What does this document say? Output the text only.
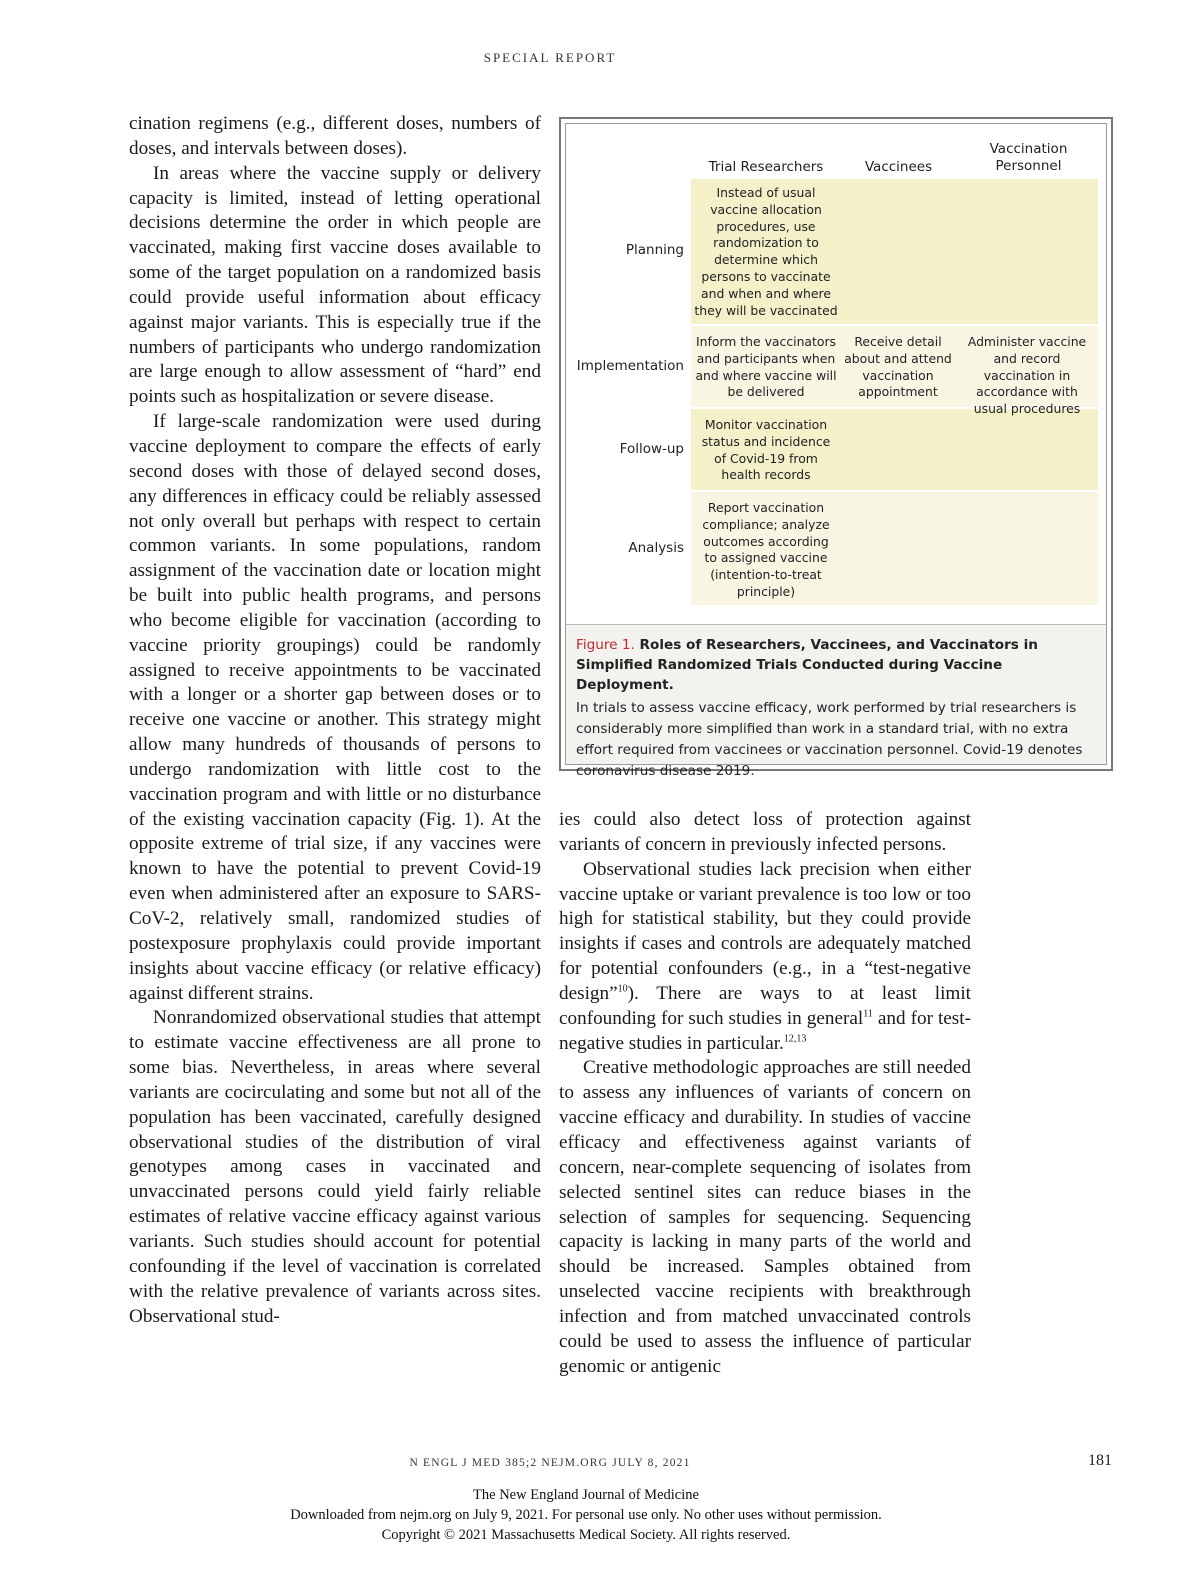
SPECIAL REPORT

cination regimens (e.g., different doses, numbers of doses, and intervals between doses).

In areas where the vaccine supply or delivery capacity is limited, instead of letting operational decisions determine the order in which people are vaccinated, making first vaccine doses available to some of the target population on a randomized basis could provide useful information about efficacy against major variants. This is especially true if the numbers of participants who undergo randomization are large enough to allow assessment of “hard” end points such as hospitalization or severe disease.

If large-scale randomization were used during vaccine deployment to compare the effects of early second doses with those of delayed second doses, any differences in efficacy could be reliably assessed not only overall but perhaps with respect to certain common variants. In some populations, random assignment of the vaccination date or location might be built into public health programs, and persons who become eligible for vaccination (according to vaccine priority groupings) could be randomly assigned to receive appointments to be vaccinated with a longer or a shorter gap between doses or to receive one vaccine or another. This strategy might allow many hundreds of thousands of persons to undergo randomization with little cost to the vaccination program and with little or no disturbance of the existing vaccination capacity (Fig. 1). At the opposite extreme of trial size, if any vaccines were known to have the potential to prevent Covid-19 even when administered after an exposure to SARS-CoV-2, relatively small, randomized studies of postexposure prophylaxis could provide important insights about vaccine efficacy (or relative efficacy) against different strains.

Nonrandomized observational studies that attempt to estimate vaccine effectiveness are all prone to some bias. Nevertheless, in areas where several variants are cocirculating and some but not all of the population has been vaccinated, carefully designed observational studies of the distribution of viral genotypes among cases in vaccinated and unvaccinated persons could yield fairly reliable estimates of relative vaccine efficacy against various variants. Such studies should account for potential confounding if the level of vaccination is correlated with the relative prevalence of variants across sites. Observational stud-

Trial Researchers	Vaccinees
Vaccination
Personnel
Planning
Implementation
Follow-up
Analysis
Instead of usual vaccine allocation procedures, use randomization to determine which persons to vaccinate and when and where they will be vaccinated
Inform the vaccinators and participants when and where vaccine will be delivered
Receive detail about and attend vaccination appointment
Administer vaccine and record vaccination in accordance with usual procedures
Monitor vaccination status and incidence of Covid-19 from health records
Report vaccination compliance; analyze outcomes according to assigned vaccine (intention-to-treat principle)
Figure 1. Roles of Researchers, Vaccinees, and Vaccinators in Simplified Randomized Trials Conducted during Vaccine Deployment.
In trials to assess vaccine efficacy, work performed by trial researchers is considerably more simplified than work in a standard trial, with no extra effort required from vaccinees or vaccination personnel. Covid-19 denotes coronavirus disease 2019.

ies could also detect loss of protection against variants of concern in previously infected persons.

Observational studies lack precision when either vaccine uptake or variant prevalence is too low or too high for statistical stability, but they could provide insights if cases and controls are adequately matched for potential confounders (e.g., in a “test-negative design”$^{10}$). There are ways to at least limit confounding for such studies in general$^{11}$ and for test-negative studies in particular.$^{12,13}$

Creative methodologic approaches are still needed to assess any influences of variants of concern on vaccine efficacy and durability. In studies of vaccine efficacy and effectiveness against variants of concern, near-complete sequencing of isolates from selected sentinel sites can reduce biases in the selection of samples for sequencing. Sequencing capacity is lacking in many parts of the world and should be increased. Samples obtained from unselected vaccine recipients with breakthrough infection and from matched unvaccinated controls could be used to assess the influence of particular genomic or antigenic

N ENGL J MED 385;2 NEJM.ORG JULY 8, 2021	181
The New England Journal of Medicine
Downloaded from nejm.org on July 9, 2021. For personal use only. No other uses without permission.
Copyright © 2021 Massachusetts Medical Society. All rights reserved.
